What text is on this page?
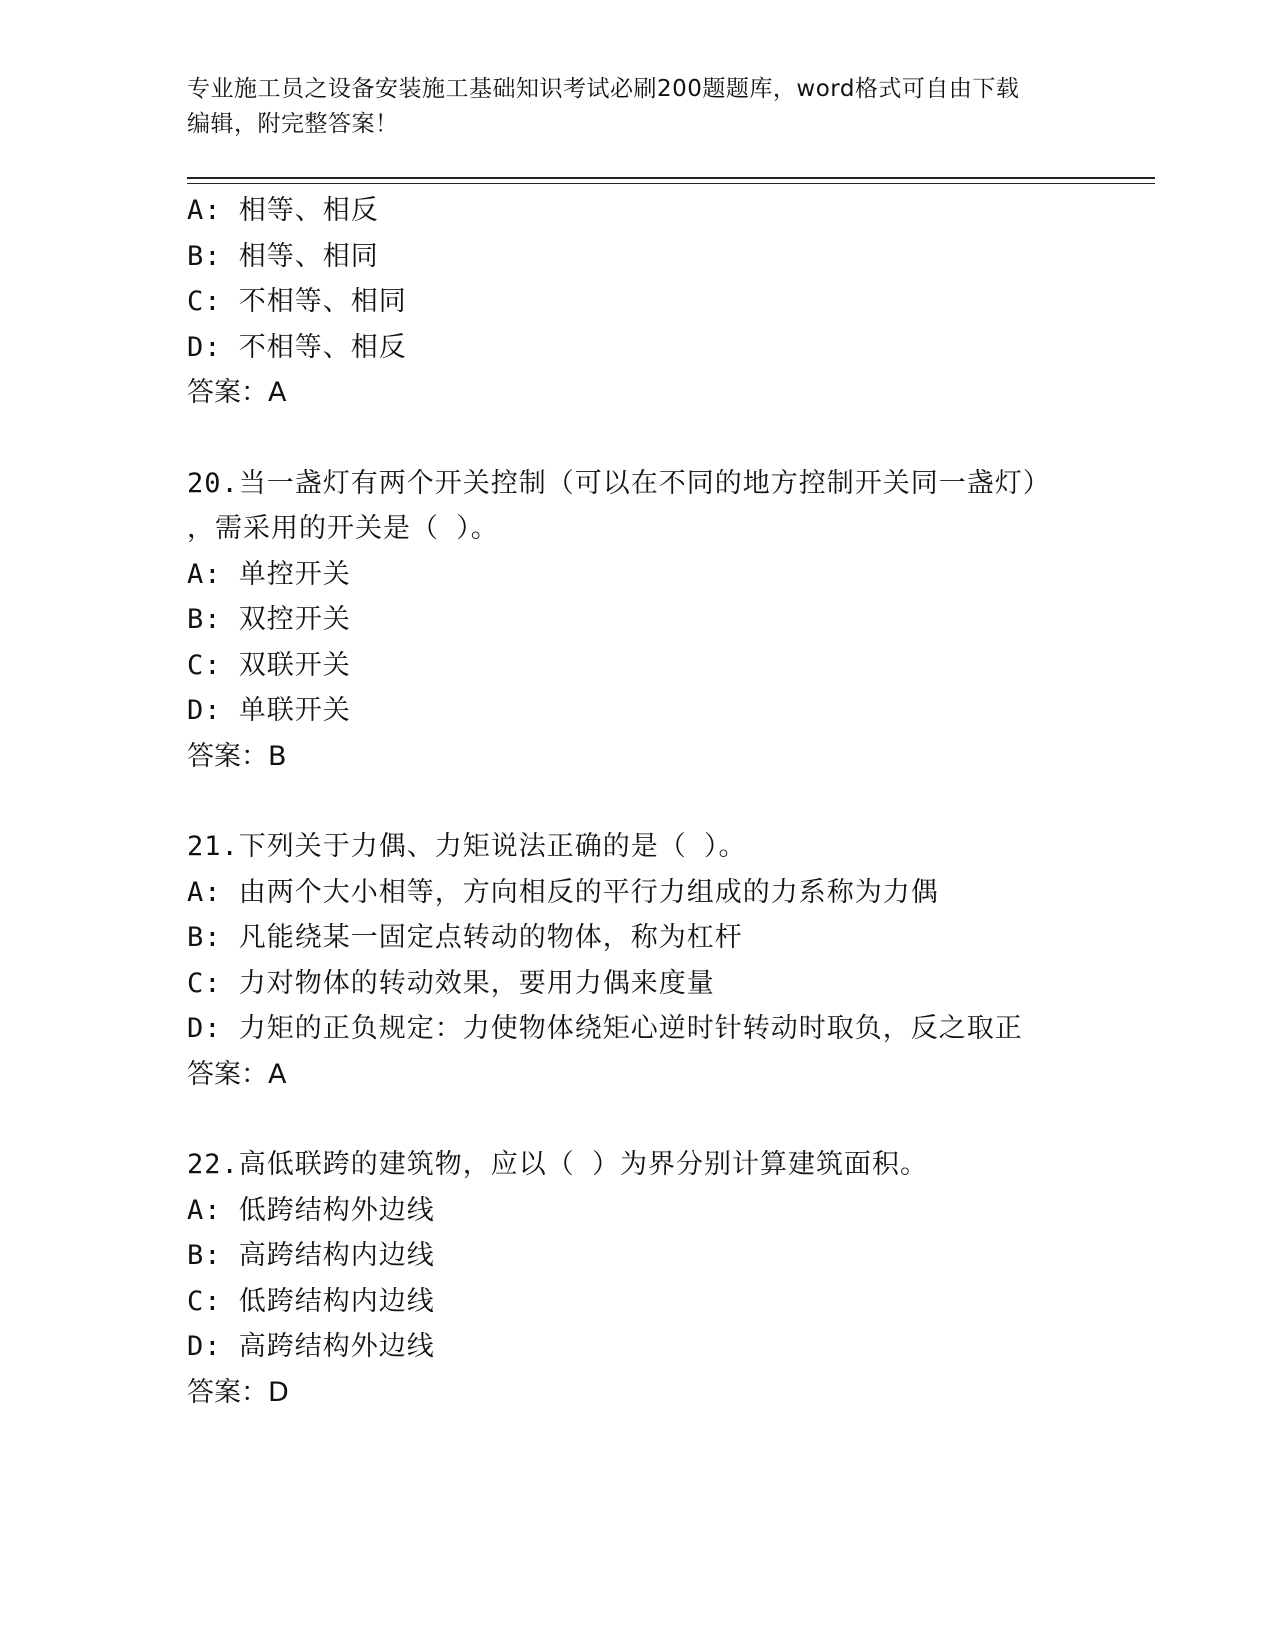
专业施工员之设备安装施工基础知识考试必刷200题题库，word格式可自由下载
编辑，附完整答案！
A: 相等、相反
B: 相等、相同
C: 不相等、相同
D: 不相等、相反
答案：A
20.当一盏灯有两个开关控制（可以在不同的地方控制开关同一盏灯）
，需采用的开关是（ ）。
A: 单控开关
B: 双控开关
C: 双联开关
D: 单联开关
答案：B
21.下列关于力偶、力矩说法正确的是（ ）。
A: 由两个大小相等，方向相反的平行力组成的力系称为力偶
B: 凡能绕某一固定点转动的物体，称为杠杆
C: 力对物体的转动效果，要用力偶来度量
D: 力矩的正负规定：力使物体绕矩心逆时针转动时取负，反之取正
答案：A
22.高低联跨的建筑物，应以（ ）为界分别计算建筑面积。
A: 低跨结构外边线
B: 高跨结构内边线
C: 低跨结构内边线
D: 高跨结构外边线
答案：D
